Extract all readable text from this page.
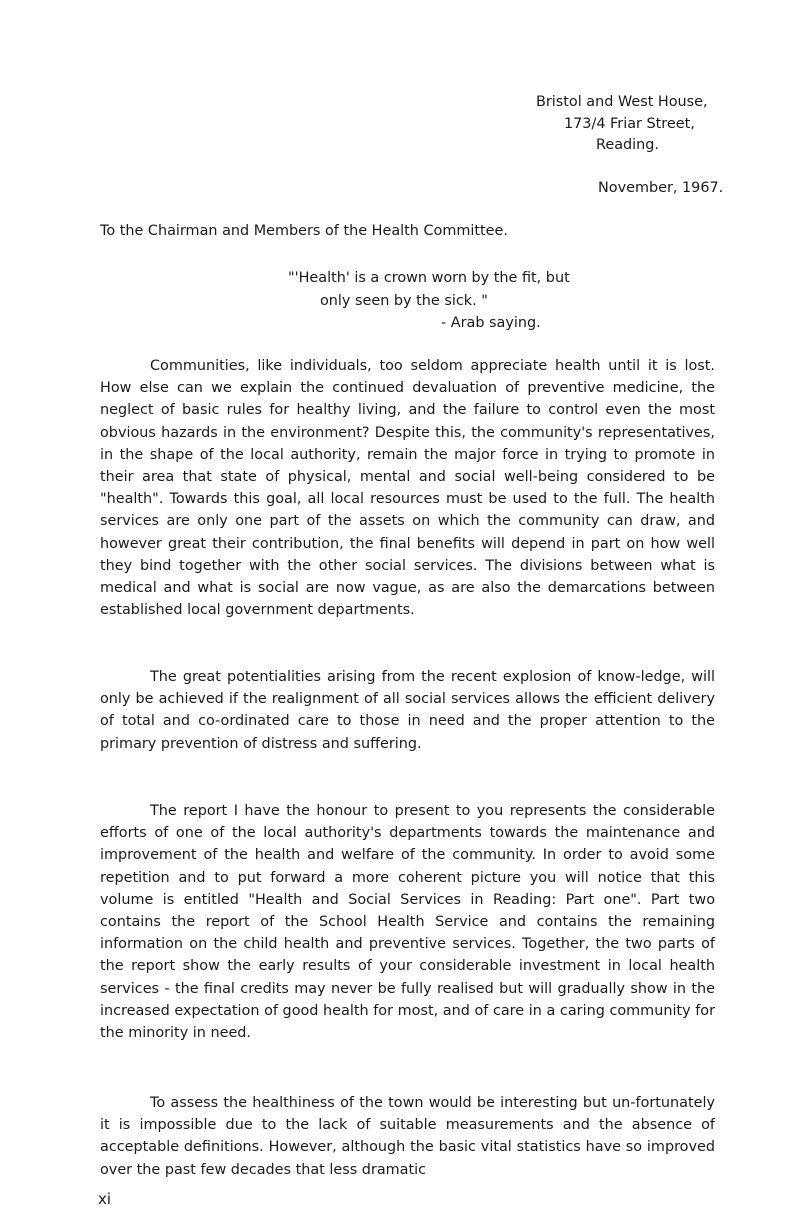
Bristol and West House,
173/4 Friar Street,
Reading.
November, 1967.
To the Chairman and Members of the Health Committee.
"'Health' is a crown worn by the fit, but
only seen by the sick. "
- Arab saying.

Communities, like individuals, too seldom appreciate health until it is lost. How else can we explain the continued devaluation of preventive medicine, the neglect of basic rules for healthy living, and the failure to control even the most obvious hazards in the environment? Despite this, the community's representatives, in the shape of the local authority, remain the major force in trying to promote in their area that state of physical, mental and social well-being considered to be "health". Towards this goal, all local resources must be used to the full. The health services are only one part of the assets on which the community can draw, and however great their contribution, the final benefits will depend in part on how well they bind together with the other social services. The divisions between what is medical and what is social are now vague, as are also the demarcations between established local government departments.

The great potentialities arising from the recent explosion of know-ledge, will only be achieved if the realignment of all social services allows the efficient delivery of total and co-ordinated care to those in need and the proper attention to the primary prevention of distress and suffering.

The report I have the honour to present to you represents the considerable efforts of one of the local authority's departments towards the maintenance and improvement of the health and welfare of the community. In order to avoid some repetition and to put forward a more coherent picture you will notice that this volume is entitled "Health and Social Services in Reading: Part one". Part two contains the report of the School Health Service and contains the remaining information on the child health and preventive services. Together, the two parts of the report show the early results of your considerable investment in local health services - the final credits may never be fully realised but will gradually show in the increased expectation of good health for most, and of care in a caring community for the minority in need.

To assess the healthiness of the town would be interesting but un-fortunately it is impossible due to the lack of suitable measurements and the absence of acceptable definitions. However, although the basic vital statistics have so improved over the past few decades that less dramatic

xi
